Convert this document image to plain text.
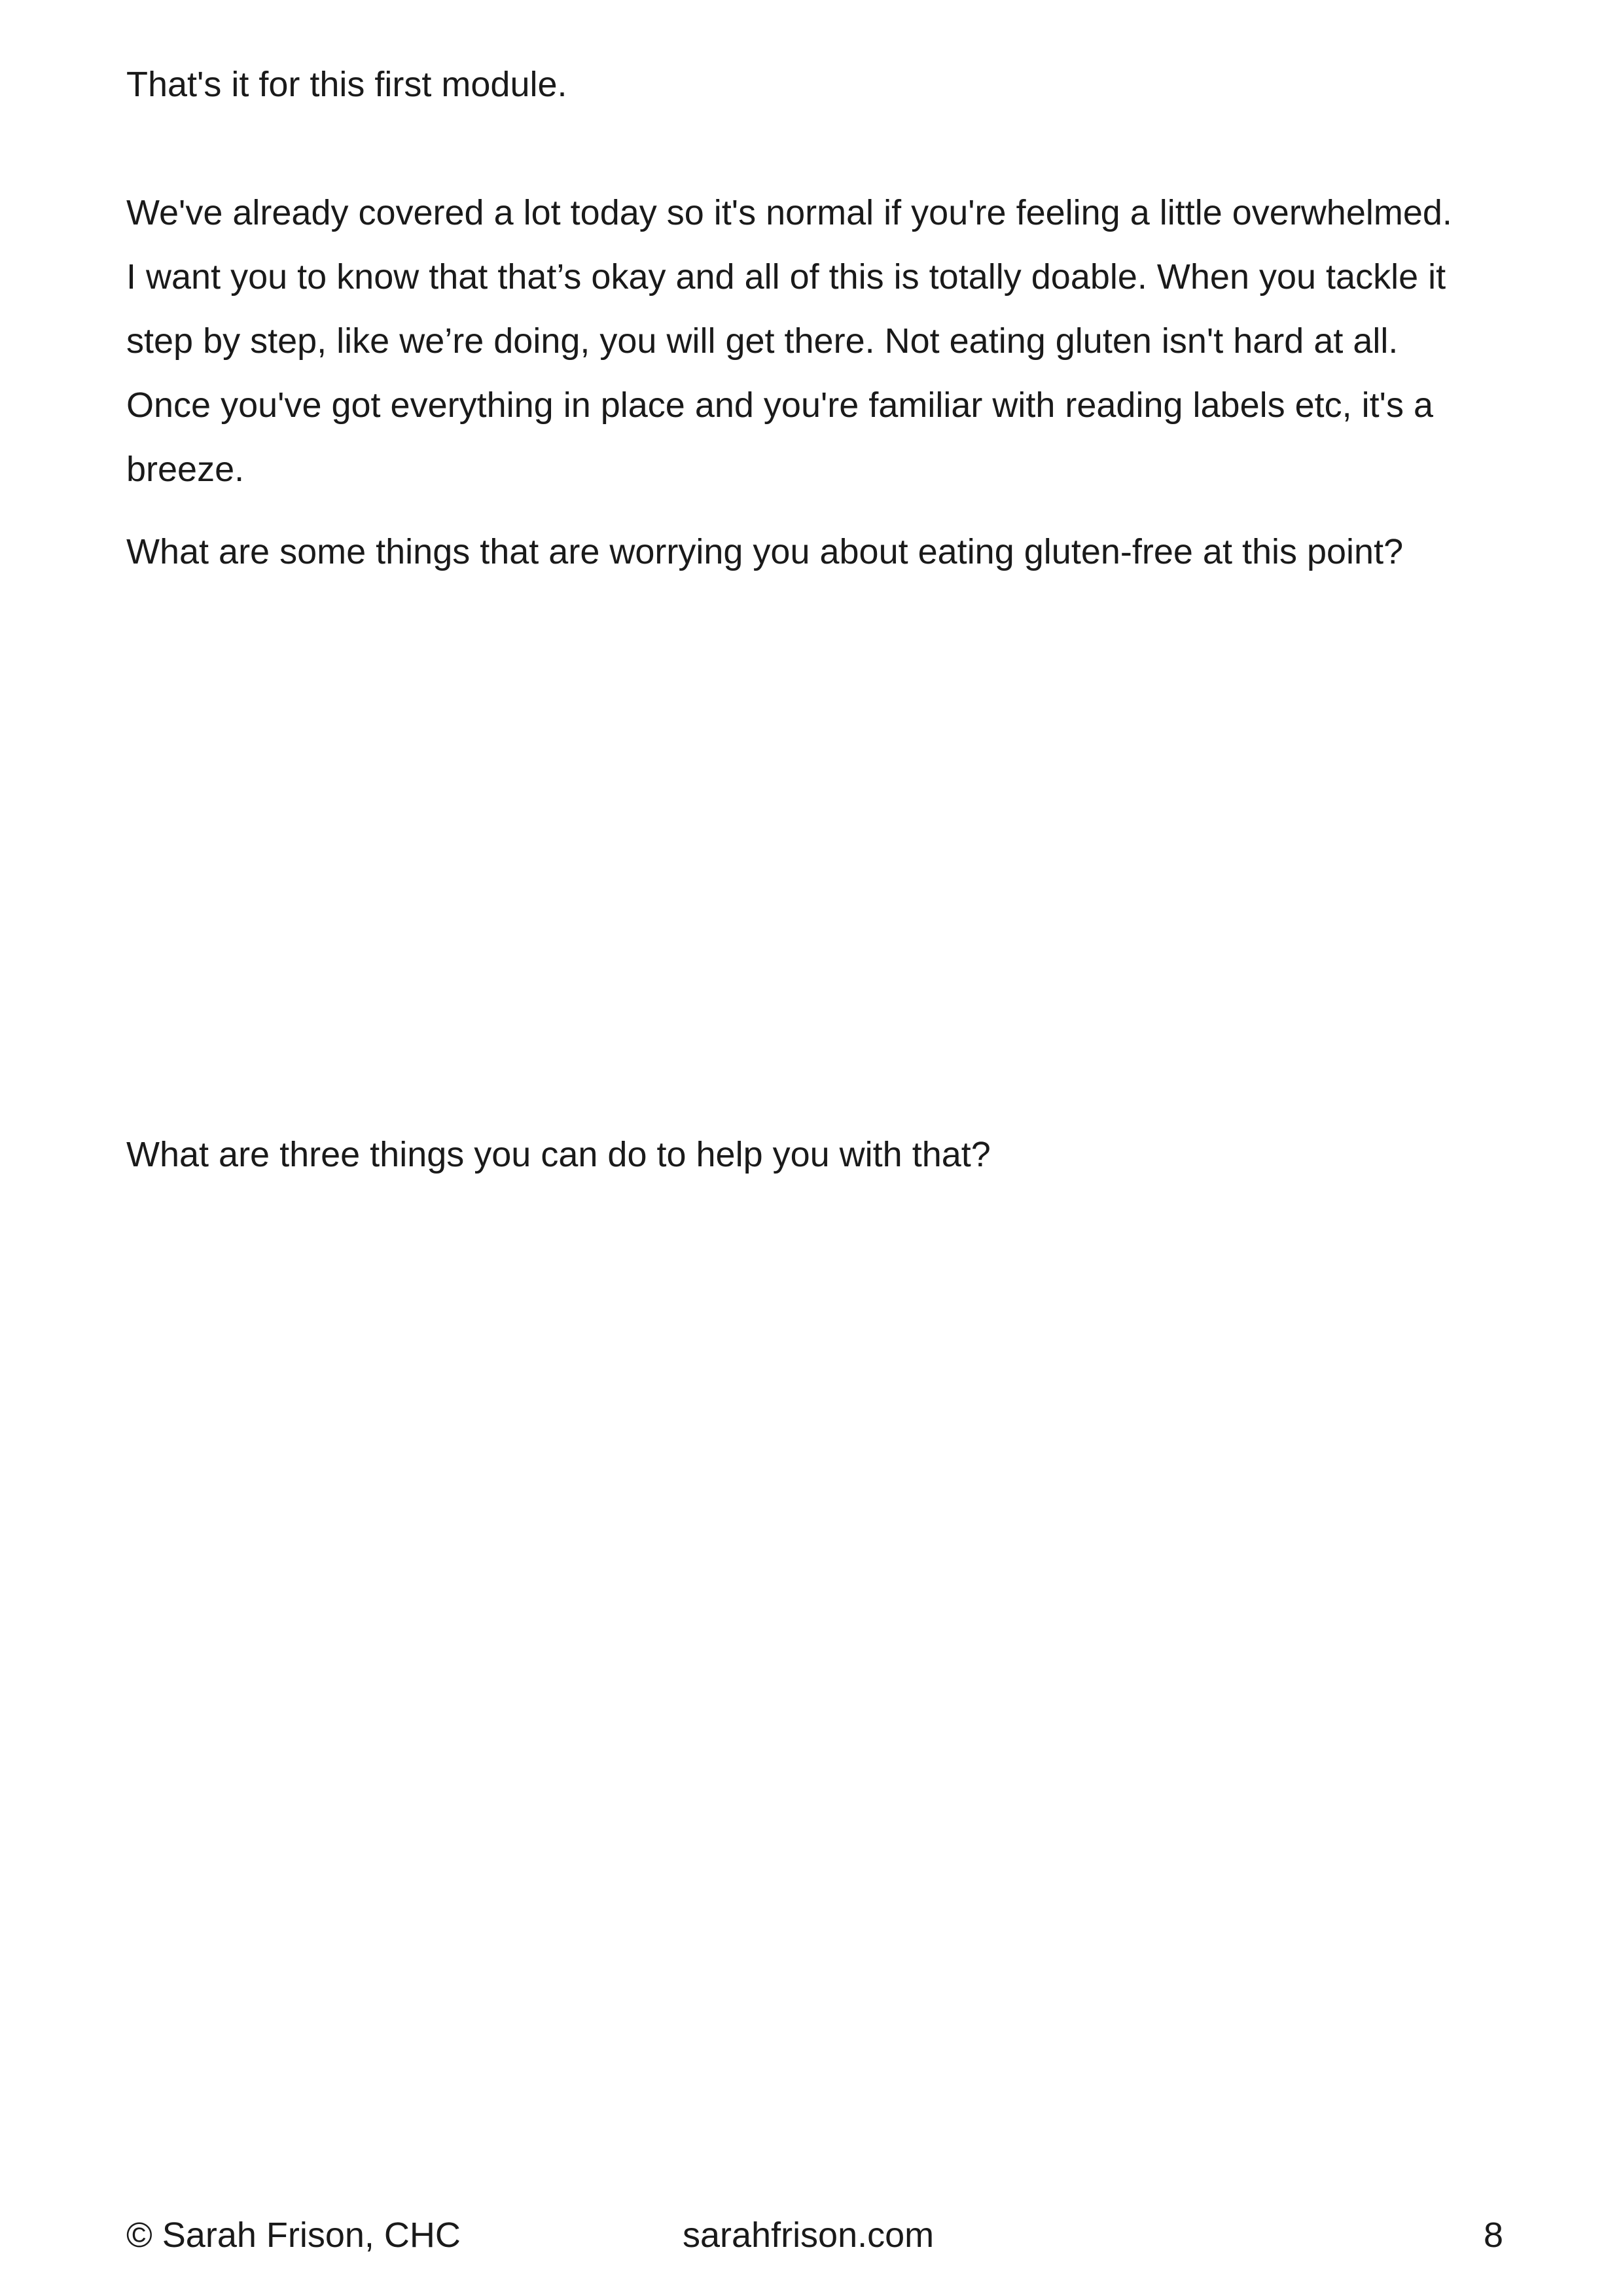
That's it for this first module.

We've already covered a lot today so it's normal if you're feeling a little overwhelmed.

I want you to know that that’s okay and all of this is totally doable. When you tackle it step by step, like we’re doing, you will get there. Not eating gluten isn't hard at all.

Once you've got everything in place and you're familiar with reading labels etc, it's a breeze.

What are some things that are worrying you about eating gluten-free at this point?

What are three things you can do to help you with that?

© Sarah Frison, CHC	sarahfrison.com	8
